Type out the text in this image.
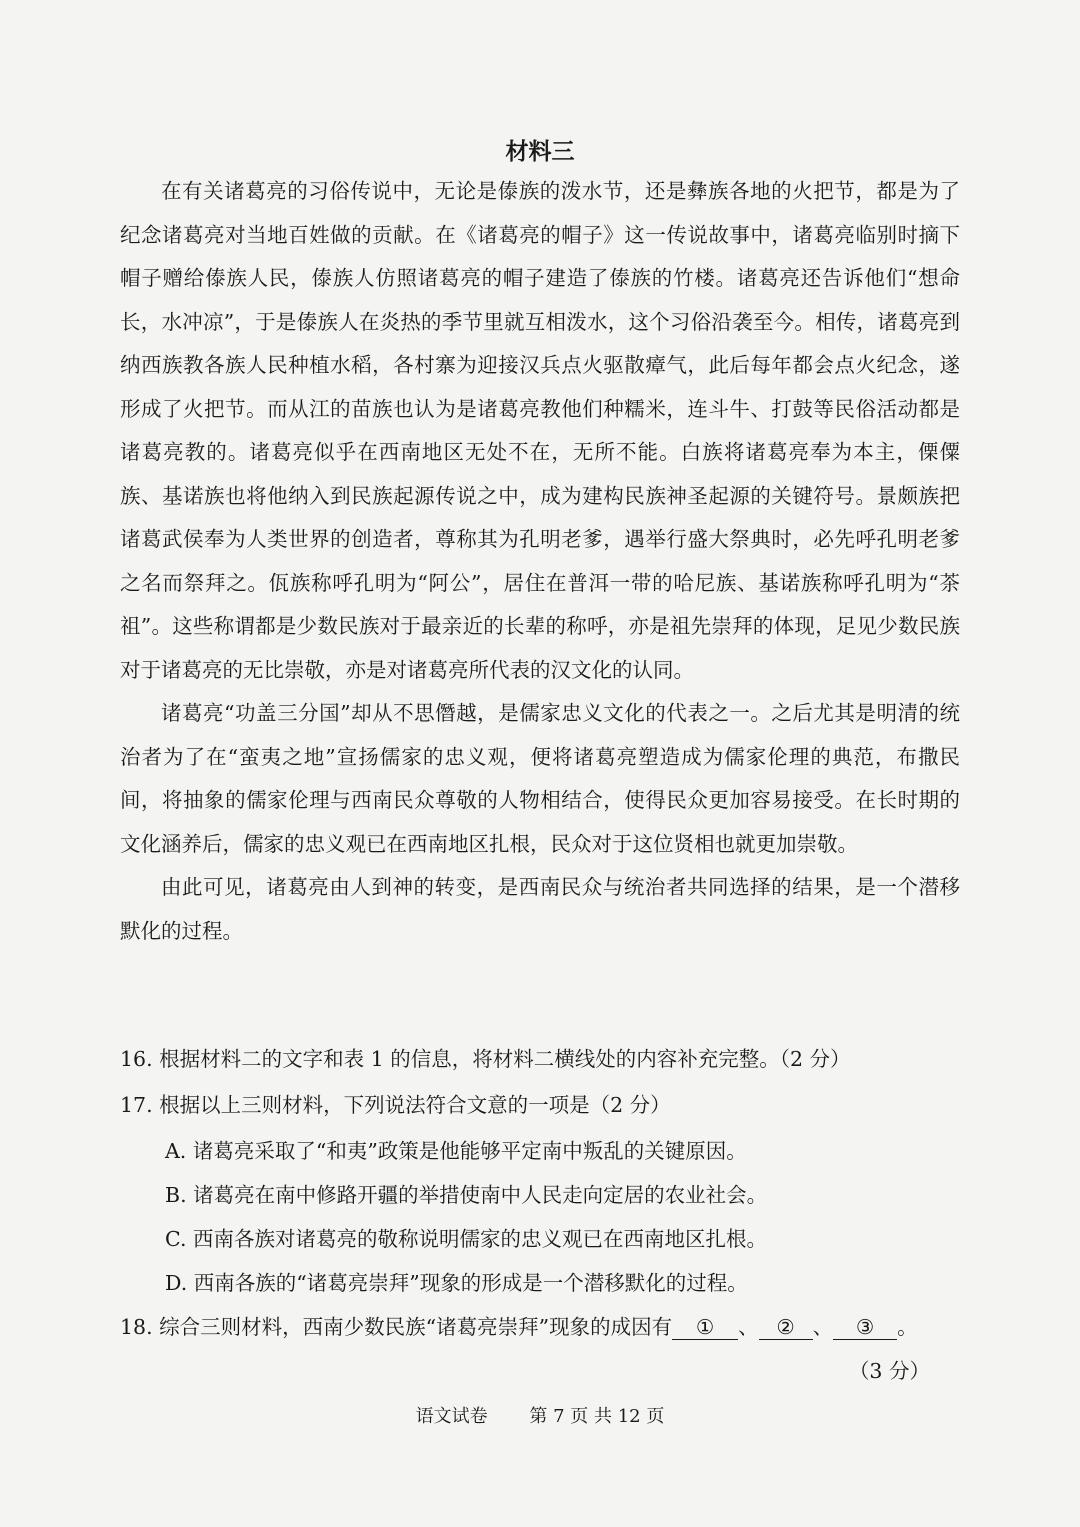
材料三

在有关诸葛亮的习俗传说中，无论是傣族的泼水节，还是彝族各地的火把节，都是为了纪念诸葛亮对当地百姓做的贡献。在《诸葛亮的帽子》这一传说故事中，诸葛亮临别时摘下帽子赠给傣族人民，傣族人仿照诸葛亮的帽子建造了傣族的竹楼。诸葛亮还告诉他们“想命长，水冲凉”，于是傣族人在炎热的季节里就互相泼水，这个习俗沿袭至今。相传，诸葛亮到纳西族教各族人民种植水稻，各村寨为迎接汉兵点火驱散瘴气，此后每年都会点火纪念，遂形成了火把节。而从江的苗族也认为是诸葛亮教他们种糯米，连斗牛、打鼓等民俗活动都是诸葛亮教的。诸葛亮似乎在西南地区无处不在，无所不能。白族将诸葛亮奉为本主，傈僳族、基诺族也将他纳入到民族起源传说之中，成为建构民族神圣起源的关键符号。景颇族把诸葛武侯奉为人类世界的创造者，尊称其为孔明老爹，遇举行盛大祭典时，必先呼孔明老爹之名而祭拜之。佤族称呼孔明为“阿公”，居住在普洱一带的哈尼族、基诺族称呼孔明为“茶祖”。这些称谓都是少数民族对于最亲近的长辈的称呼，亦是祖先崇拜的体现，足见少数民族对于诸葛亮的无比崇敬，亦是对诸葛亮所代表的汉文化的认同。

诸葛亮“功盖三分国”却从不思僭越，是儒家忠义文化的代表之一。之后尤其是明清的统治者为了在“蛮夷之地”宣扬儒家的忠义观，便将诸葛亮塑造成为儒家伦理的典范，布撒民间，将抽象的儒家伦理与西南民众尊敬的人物相结合，使得民众更加容易接受。在长时期的文化涵养后，儒家的忠义观已在西南地区扎根，民众对于这位贤相也就更加崇敬。

由此可见，诸葛亮由人到神的转变，是西南民众与统治者共同选择的结果，是一个潜移默化的过程。

16. 根据材料二的文字和表 1 的信息，将材料二横线处的内容补充完整。（2 分）
17. 根据以上三则材料，下列说法符合文意的一项是（2 分）
A. 诸葛亮采取了“和夷”政策是他能够平定南中叛乱的关键原因。
B. 诸葛亮在南中修路开疆的举措使南中人民走向定居的农业社会。
C. 西南各族对诸葛亮的敬称说明儒家的忠义观已在西南地区扎根。
D. 西南各族的“诸葛亮崇拜”现象的形成是一个潜移默化的过程。
18. 综合三则材料，西南少数民族“诸葛亮崇拜”现象的成因有 ① 、 ② 、 ③ 。
（3 分）
语文试卷 第 7 页 共 12 页
